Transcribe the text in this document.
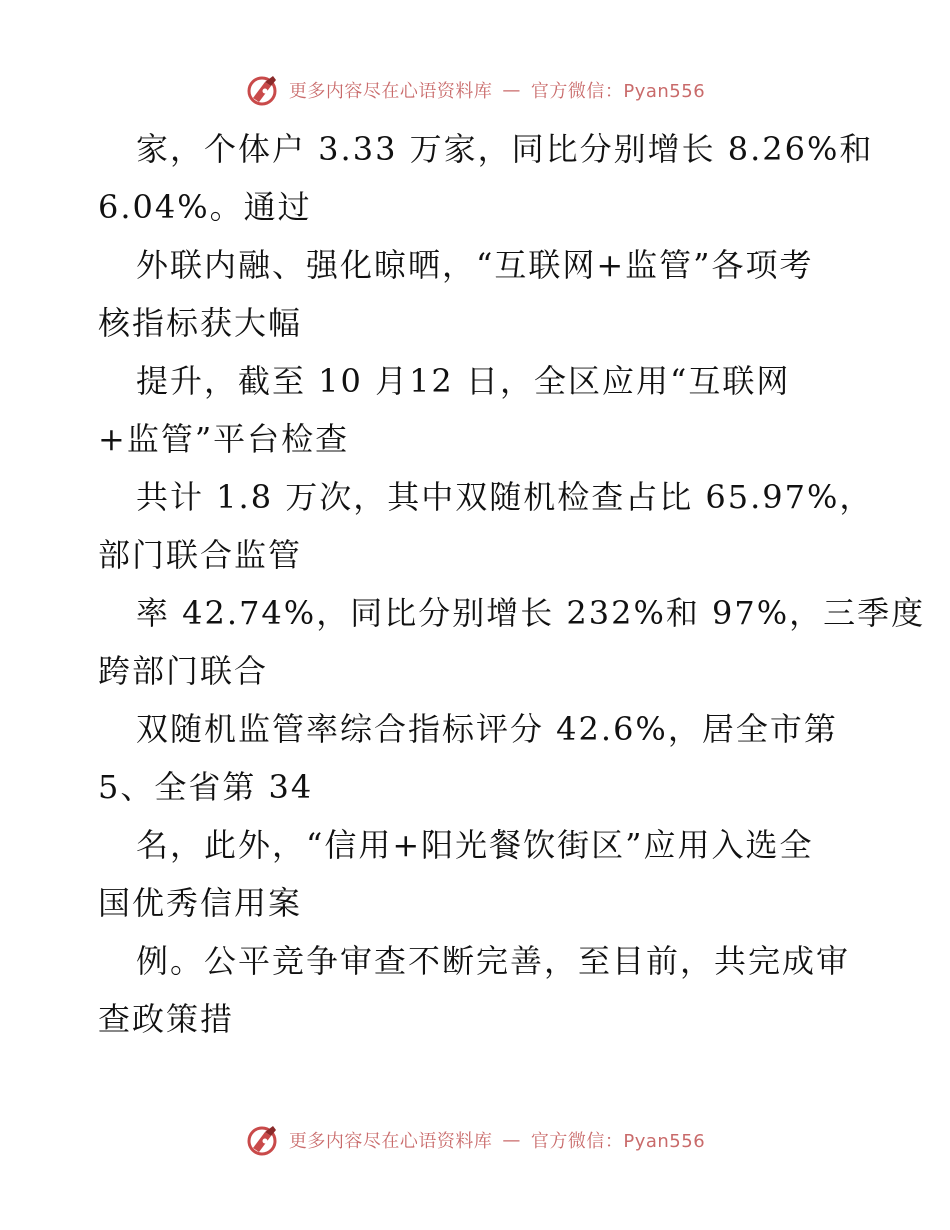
更多内容尽在心语资料库 — 官方微信：Pyan556

家，个体户 3.33 万家，同比分别增长 8.26%和

6.04%。通过

外联内融、强化晾晒，“互联网+监管”各项考

核指标获大幅

提升，截至 10 月12 日，全区应用“互联网

+监管”平台检查

共计 1.8 万次，其中双随机检查占比 65.97%，

部门联合监管

率 42.74%，同比分别增长 232%和 97%，三季度

跨部门联合

双随机监管率综合指标评分 42.6%，居全市第

5、全省第 34

名，此外，“信用+阳光餐饮街区”应用入选全

国优秀信用案

例。公平竞争审查不断完善，至目前，共完成审

查政策措

更多内容尽在心语资料库 — 官方微信：Pyan556
